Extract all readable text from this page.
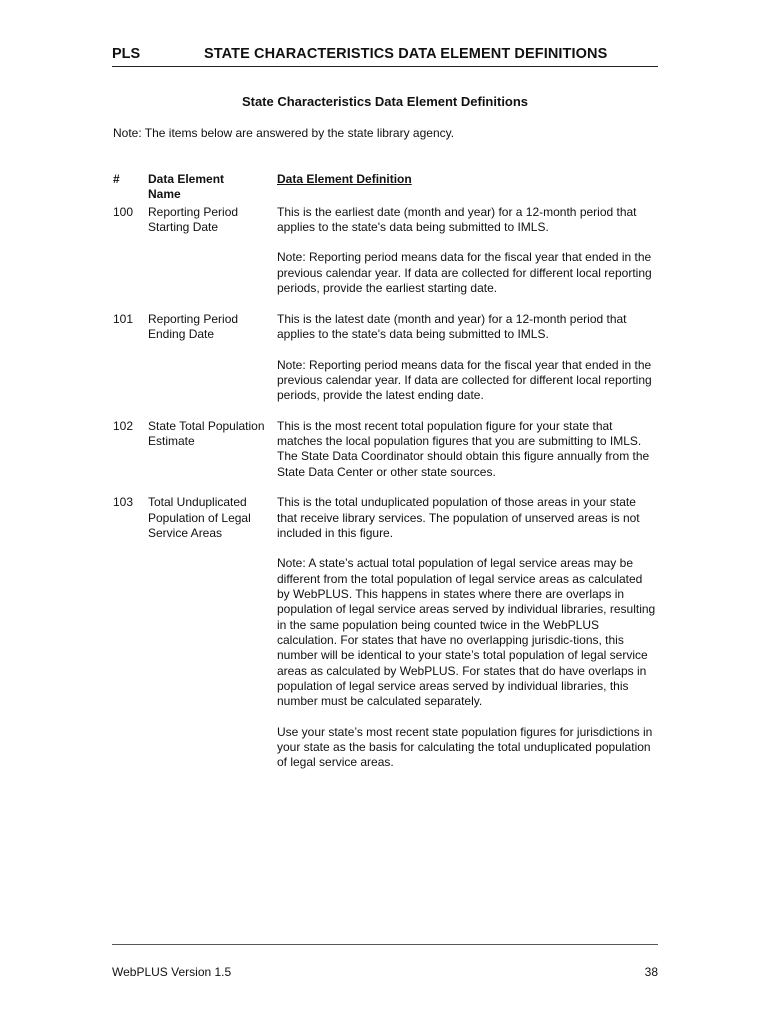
PLS	STATE CHARACTERISTICS DATA ELEMENT DEFINITIONS
State Characteristics Data Element Definitions
Note: The items below are answered by the state library agency.
#	Data Element Name
Data Element Definition
100	Reporting Period Starting Date

This is the earliest date (month and year) for a 12-month period that applies to the state's data being submitted to IMLS.

Note: Reporting period means data for the fiscal year that ended in the previous calendar year. If data are collected for different local reporting periods, provide the earliest starting date.

101	Reporting Period Ending Date

This is the latest date (month and year) for a 12-month period that applies to the state's data being submitted to IMLS.

Note: Reporting period means data for the fiscal year that ended in the previous calendar year. If data are collected for different local reporting periods, provide the latest ending date.

102	State Total Population Estimate

This is the most recent total population figure for your state that matches the local population figures that you are submitting to IMLS. The State Data Coordinator should obtain this figure annually from the State Data Center or other state sources.

103	Total Unduplicated Population of Legal Service Areas

This is the total unduplicated population of those areas in your state that receive library services. The population of unserved areas is not included in this figure.

Note: A state’s actual total population of legal service areas may be different from the total population of legal service areas as calculated by WebPLUS. This happens in states where there are overlaps in population of legal service areas served by individual libraries, resulting in the same population being counted twice in the WebPLUS calculation. For states that have no overlapping jurisdic-tions, this number will be identical to your state’s total population of legal service areas as calculated by WebPLUS. For states that do have overlaps in population of legal service areas served by individual libraries, this number must be calculated separately.

Use your state’s most recent state population figures for jurisdictions in your state as the basis for calculating the total unduplicated population of legal service areas.

WebPLUS Version 1.5	38
